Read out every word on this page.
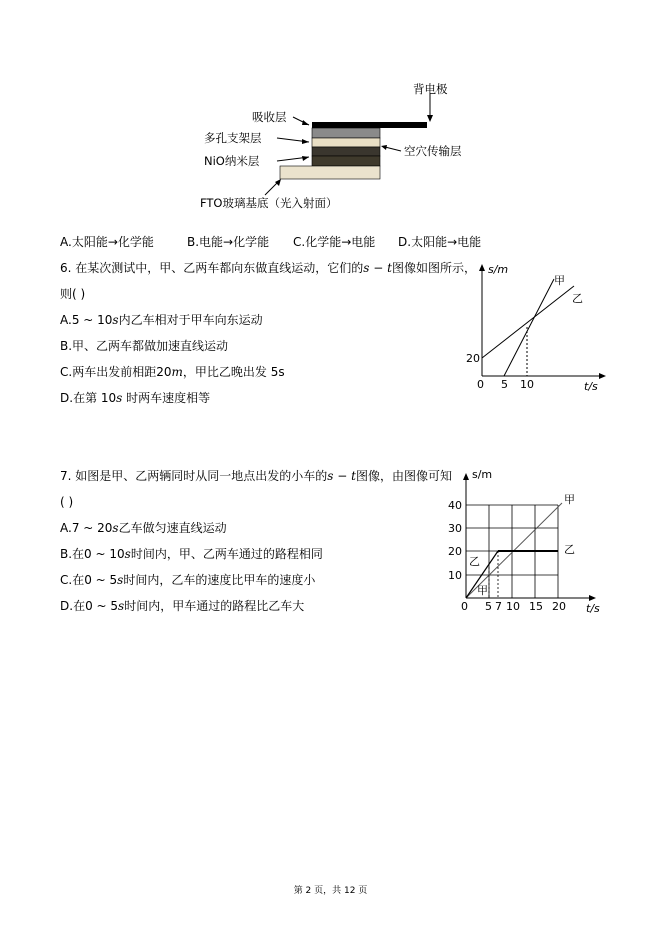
背电极
吸收层
多孔支架层
NiO纳米层
空穴传输层
FTO玻璃基底（光入射面）
A.太阳能→化学能	B.电能→化学能 C.化学能→电能 D.太阳能→电能
6. 在某次测试中，甲、乙两车都向东做直线运动，它们的s − t图像如图所示，
则( )
A.5 ~ 10s内乙车相对于甲车向东运动
B.甲、乙两车都做加速直线运动
C.两车出发前相距20m，甲比乙晚出发 5s
D.在第 10s 时两车速度相等
s/m
t/s
0 5 10
20
甲
乙
7. 如图是甲、乙两辆同时从同一地点出发的小车的s − t图像，由图像可知
( )
A.7 ~ 20s乙车做匀速直线运动
B.在0 ~ 10s时间内，甲、乙两车通过的路程相同
C.在0 ~ 5s时间内，乙车的速度比甲车的速度小
D.在0 ~ 5s时间内，甲车通过的路程比乙车大
s/m
t/s
40
30
20
10
0 5 7 10 15 20
甲
乙
乙
甲
第 2 页，共 12 页
